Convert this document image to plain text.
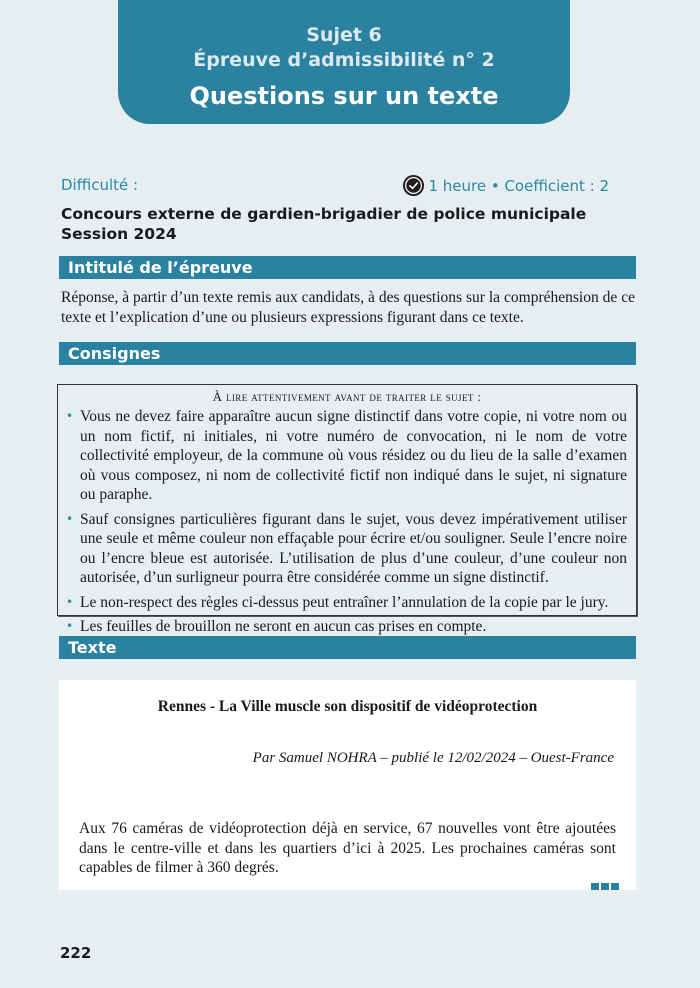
Sujet 6
Épreuve d’admissibilité n° 2
Questions sur un texte
Difficulté :	1 heure • Coefficient : 2
Concours externe de gardien-brigadier de police municipale
Session 2024
Intitulé de l’épreuve
Réponse, à partir d’un texte remis aux candidats, à des questions sur la compréhension de ce texte et l’explication d’une ou plusieurs expressions figurant dans ce texte.
Consignes
À lire attentivement avant de traiter le sujet :
• Vous ne devez faire apparaître aucun signe distinctif dans votre copie, ni votre nom ou un nom fictif, ni initiales, ni votre numéro de convocation, ni le nom de votre collectivité employeur, de la commune où vous résidez ou du lieu de la salle d’examen où vous composez, ni nom de collectivité fictif non indiqué dans le sujet, ni signature ou paraphe.
• Sauf consignes particulières figurant dans le sujet, vous devez impérativement utiliser une seule et même couleur non effaçable pour écrire et/ou souligner. Seule l’encre noire ou l’encre bleue est autorisée. L’utilisation de plus d’une couleur, d’une couleur non autorisée, d’un surligneur pourra être considérée comme un signe distinctif.
• Le non-respect des règles ci-dessus peut entraîner l’annulation de la copie par le jury.
• Les feuilles de brouillon ne seront en aucun cas prises en compte.
Texte
Rennes - La Ville muscle son dispositif de vidéoprotection
Par Samuel NOHRA – publié le 12/02/2024 – Ouest-France
Aux 76 caméras de vidéoprotection déjà en service, 67 nouvelles vont être ajoutées dans le centre-ville et dans les quartiers d’ici à 2025. Les prochaines caméras sont capables de filmer à 360 degrés.
222
